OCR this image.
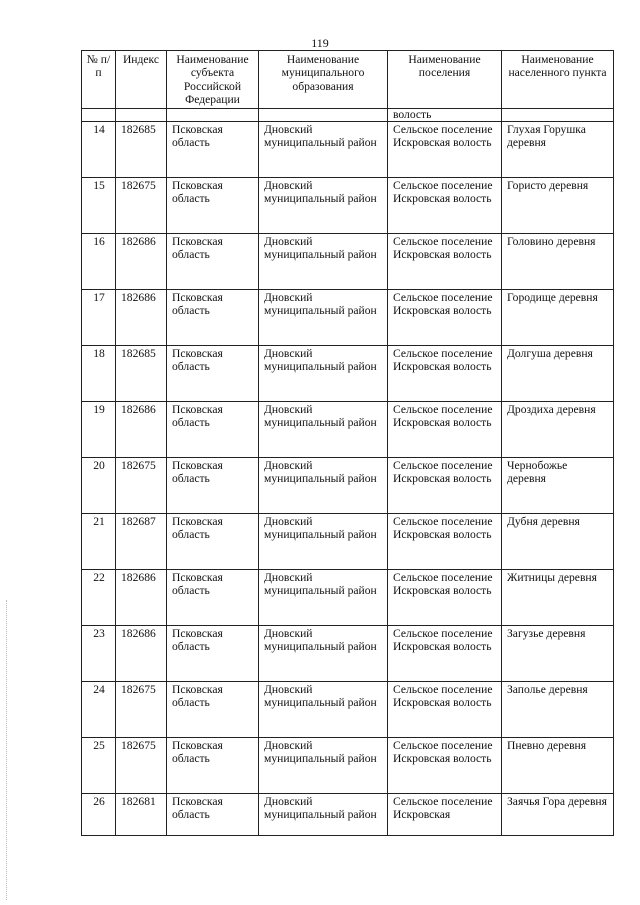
119
№ п/п	Индекс	Наименование субъекта Российской Федерации	Наименование муниципального образования	Наименование поселения	Наименование населенного пункта
				волость	
14	182685	Псковская область	Дновский муниципальный район	Сельское поселение Искровская волость	Глухая Горушка деревня
15	182675	Псковская область	Дновский муниципальный район	Сельское поселение Искровская волость	Гористо деревня
16	182686	Псковская область	Дновский муниципальный район	Сельское поселение Искровская волость	Головино деревня
17	182686	Псковская область	Дновский муниципальный район	Сельское поселение Искровская волость	Городище деревня
18	182685	Псковская область	Дновский муниципальный район	Сельское поселение Искровская волость	Долгуша деревня
19	182686	Псковская область	Дновский муниципальный район	Сельское поселение Искровская волость	Дроздиха деревня
20	182675	Псковская область	Дновский муниципальный район	Сельское поселение Искровская волость	Чернобожье деревня
21	182687	Псковская область	Дновский муниципальный район	Сельское поселение Искровская волость	Дубня деревня
22	182686	Псковская область	Дновский муниципальный район	Сельское поселение Искровская волость	Житницы деревня
23	182686	Псковская область	Дновский муниципальный район	Сельское поселение Искровская волость	Загузье деревня
24	182675	Псковская область	Дновский муниципальный район	Сельское поселение Искровская волость	Заполье деревня
25	182675	Псковская область	Дновский муниципальный район	Сельское поселение Искровская волость	Пневно деревня
26	182681	Псковская область	Дновский муниципальный район	Сельское поселение Искровская	Заячья Гора деревня
